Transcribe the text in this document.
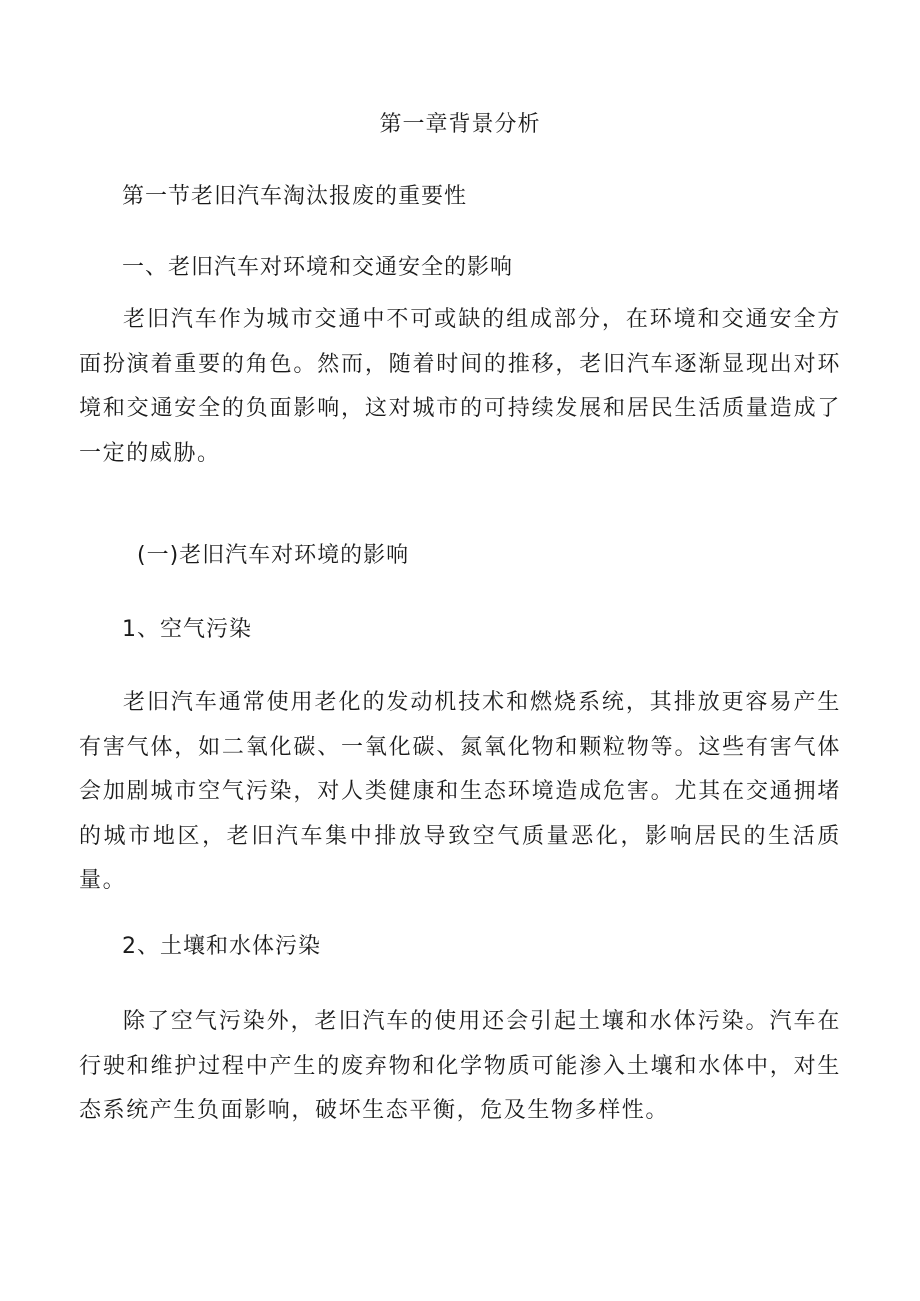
第一章背景分析
第一节老旧汽车淘汰报废的重要性
一、老旧汽车对环境和交通安全的影响

老旧汽车作为城市交通中不可或缺的组成部分，在环境和交通安全方面扮演着重要的角色。然而，随着时间的推移，老旧汽车逐渐显现出对环境和交通安全的负面影响，这对城市的可持续发展和居民生活质量造成了一定的威胁。

(一)老旧汽车对环境的影响
1、空气污染

老旧汽车通常使用老化的发动机技术和燃烧系统，其排放更容易产生有害气体，如二氧化碳、一氧化碳、氮氧化物和颗粒物等。这些有害气体会加剧城市空气污染，对人类健康和生态环境造成危害。尤其在交通拥堵的城市地区，老旧汽车集中排放导致空气质量恶化，影响居民的生活质量。

2、土壤和水体污染

除了空气污染外，老旧汽车的使用还会引起土壤和水体污染。汽车在行驶和维护过程中产生的废弃物和化学物质可能渗入土壤和水体中，对生态系统产生负面影响，破坏生态平衡，危及生物多样性。
